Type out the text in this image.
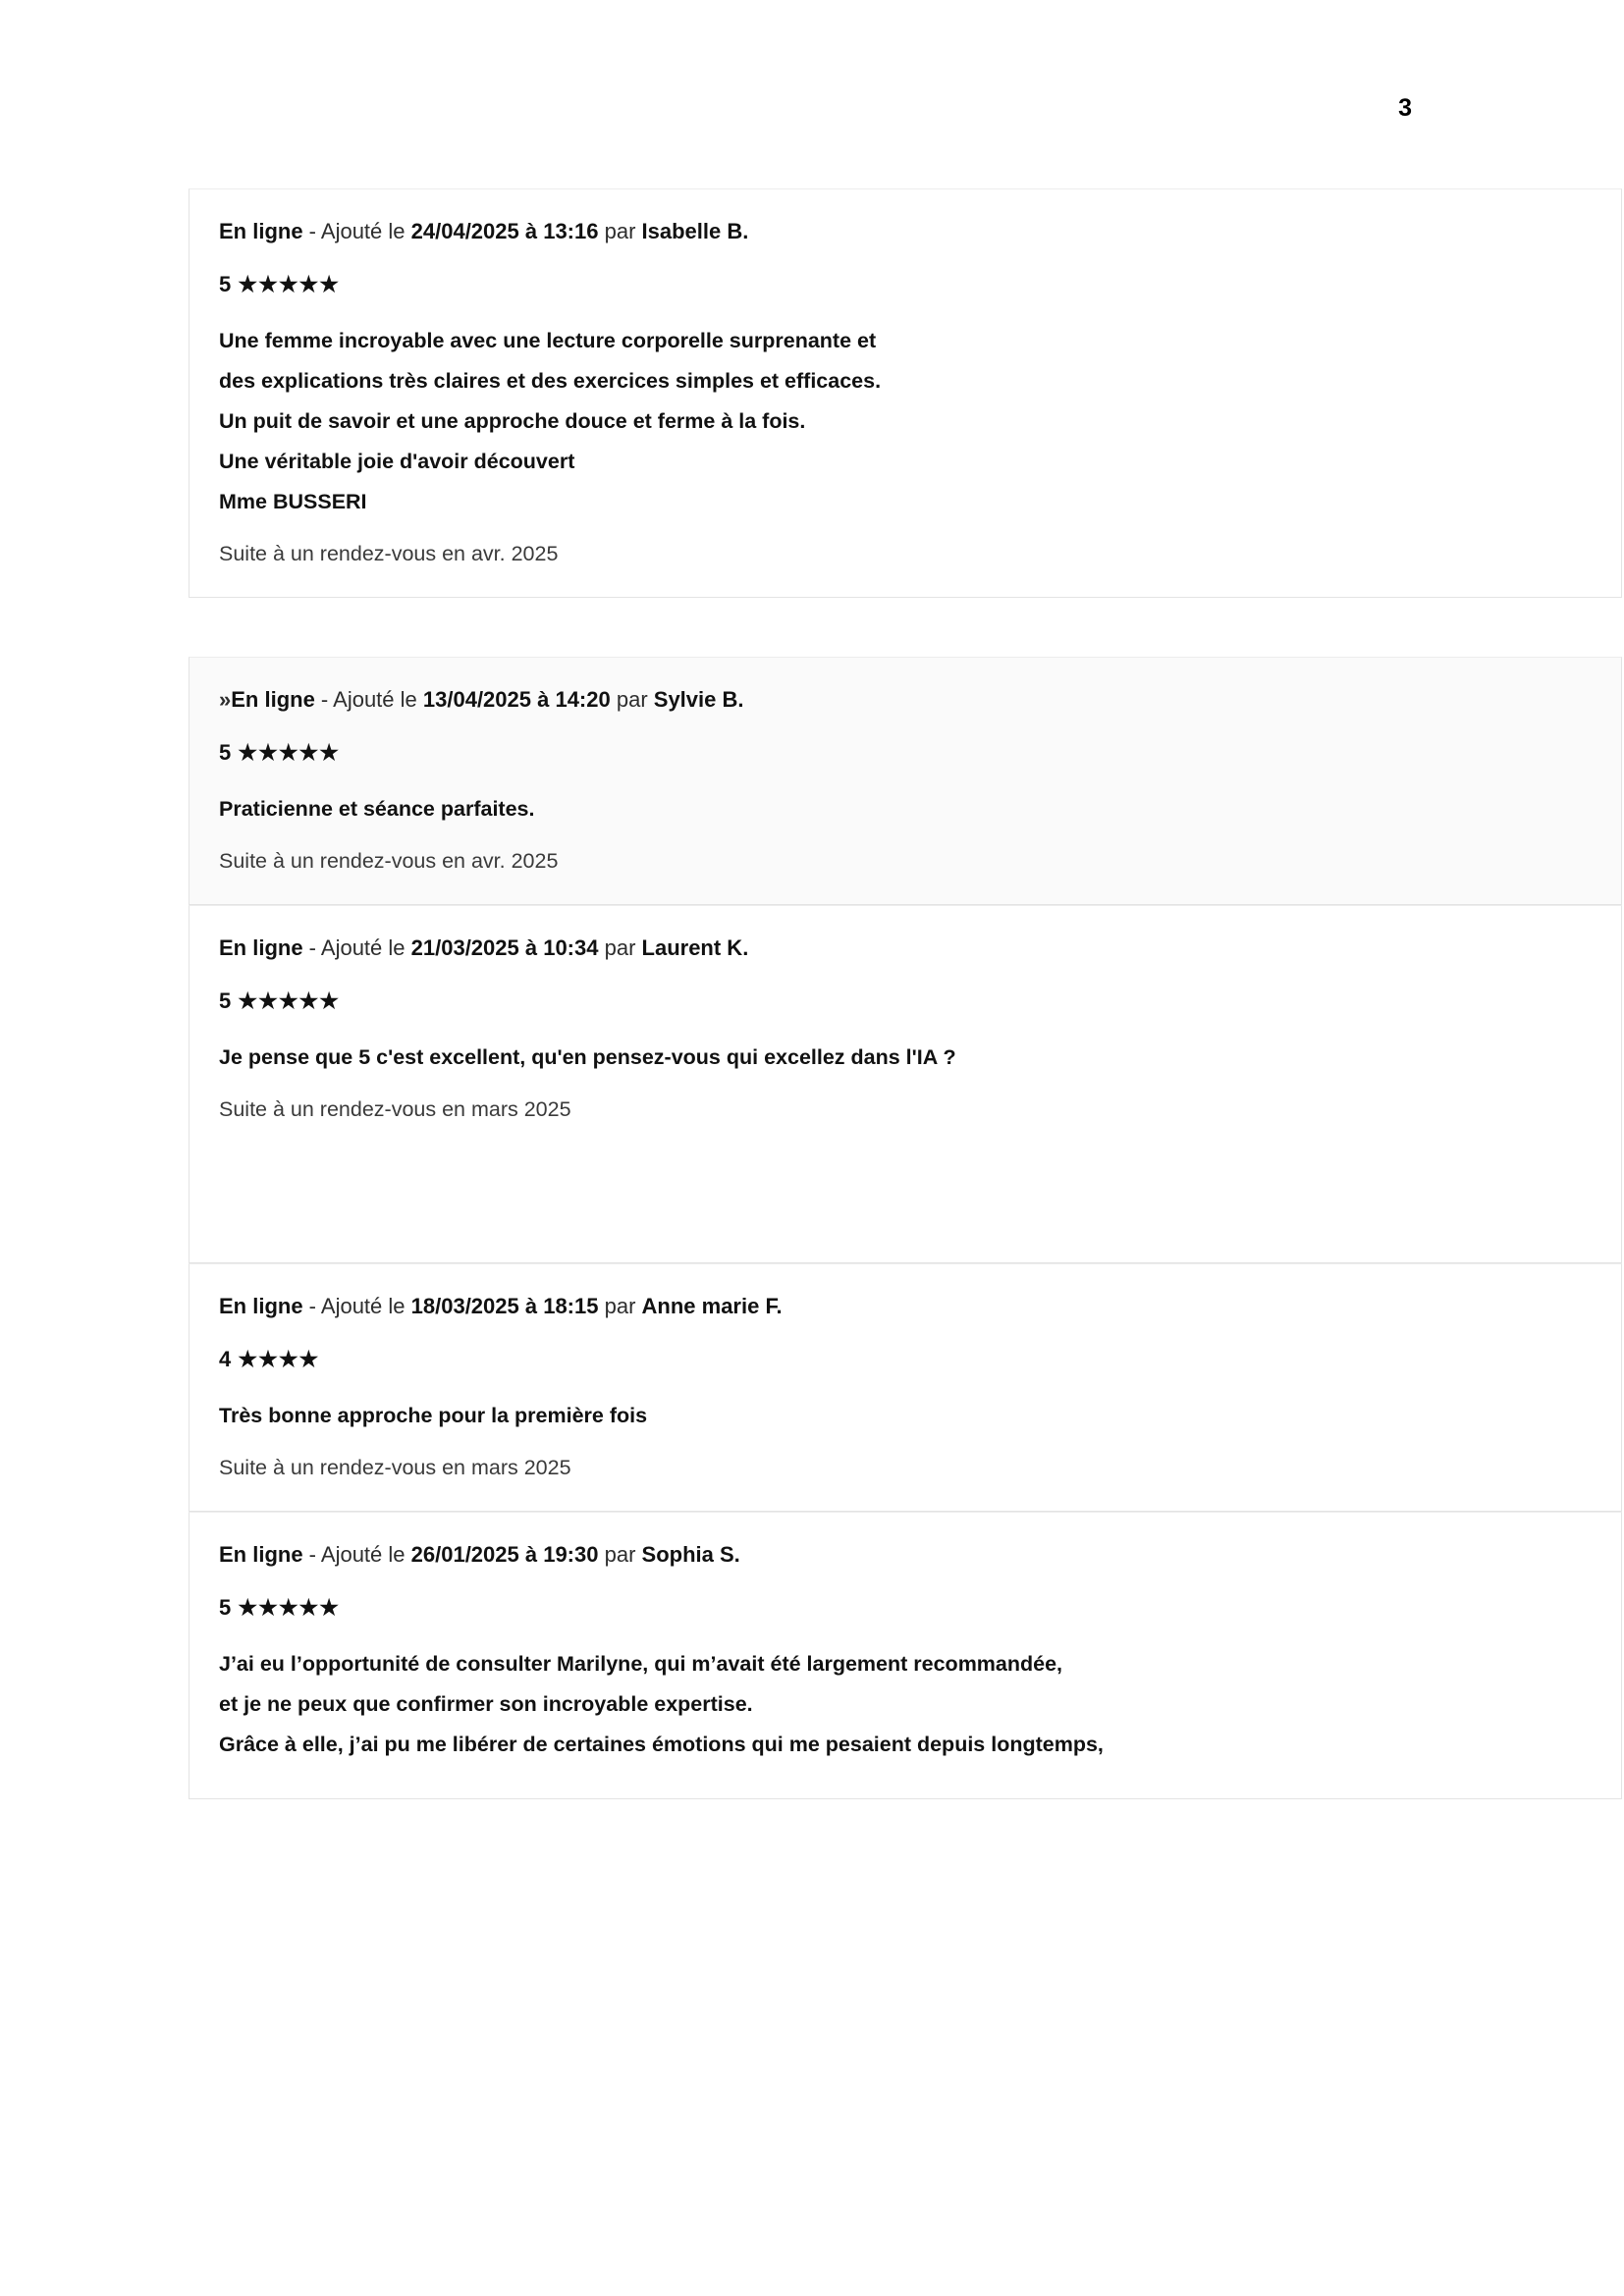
3
En ligne - Ajouté le 24/04/2025 à 13:16 par Isabelle B.
5 ★★★★★
Une femme incroyable avec une lecture corporelle surprenante et
des explications très claires et des exercices simples et efficaces.
Un puit de savoir et une approche douce et ferme à la fois.
Une véritable joie d'avoir découvert
Mme BUSSERI
Suite à un rendez-vous en avr. 2025
»En ligne - Ajouté le 13/04/2025 à 14:20 par Sylvie B.
5 ★★★★★
Praticienne et séance parfaites.
Suite à un rendez-vous en avr. 2025
En ligne - Ajouté le 21/03/2025 à 10:34 par Laurent K.
5 ★★★★★
Je pense que 5 c'est excellent, qu'en pensez-vous qui excellez dans l'IA ?
Suite à un rendez-vous en mars 2025
En ligne - Ajouté le 18/03/2025 à 18:15 par Anne marie F.
4 ★★★★
Très bonne approche pour la première fois
Suite à un rendez-vous en mars 2025
En ligne - Ajouté le 26/01/2025 à 19:30 par Sophia S.
5 ★★★★★
J’ai eu l’opportunité de consulter Marilyne, qui m’avait été largement recommandée,
et je ne peux que confirmer son incroyable expertise.
Grâce à elle, j’ai pu me libérer de certaines émotions qui me pesaient depuis longtemps,
